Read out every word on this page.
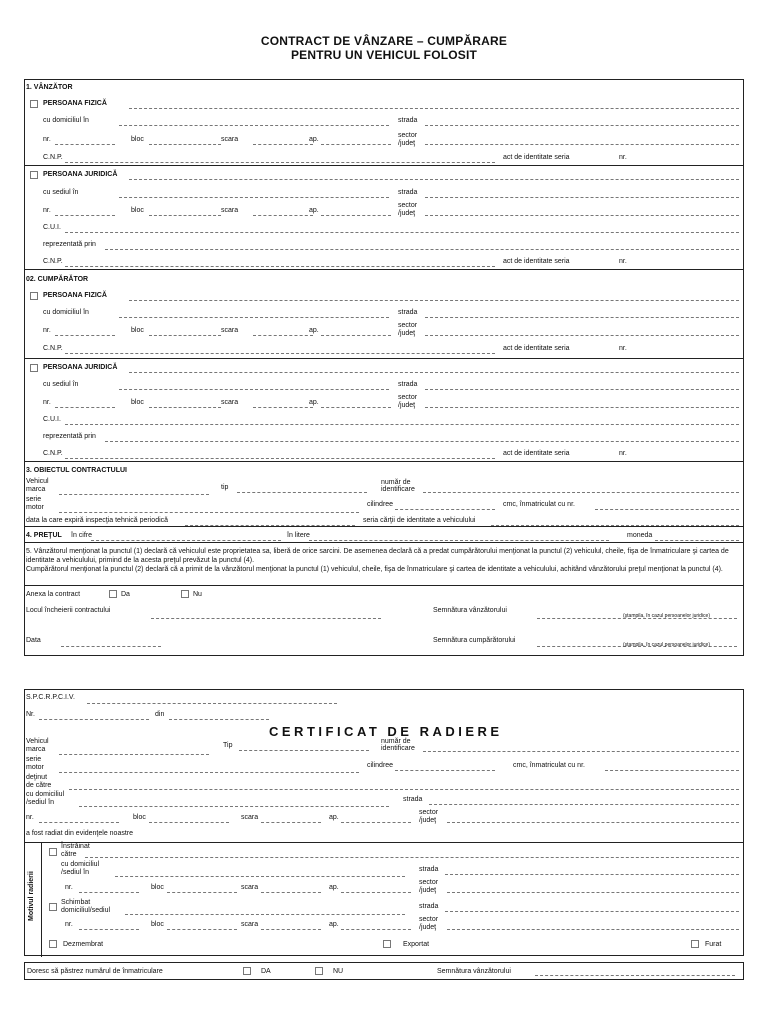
CONTRACT DE VÂNZARE – CUMPĂRARE
PENTRU UN VEHICUL FOLOSIT
1. VÂNZĂTOR
PERSOANA FIZICĂ
cu domiciliul în	strada
nr.	bloc	scara	ap.
sector
/judeţ
C.N.P.	act de identitate seria	nr.
PERSOANA JURIDICĂ
cu sediul în	strada
nr.	bloc	scara	ap.
sector
/judeţ
C.U.I.
reprezentată prin
C.N.P.	act de identitate seria	nr.
02. CUMPĂRĂTOR
PERSOANA FIZICĂ
cu domiciliul în	strada
nr.	bloc	scara	ap.
sector
/judeţ
C.N.P.	act de identitate seria	nr.
PERSOANA JURIDICĂ
cu sediul în	strada
nr.	bloc	scara	ap.
sector
/judeţ
C.U.I.
reprezentată prin
C.N.P.	act de identitate seria	nr.
3. OBIECTUL CONTRACTULUI
Vehicul
marca	tip
număr de
identificare
serie
motor	cilindree	cmc, înmatriculat cu nr.
data la care expiră inspecţia tehnică periodică	seria cărţii de identitate a vehiculului
4. PREŢUL în cifre	în litere	moneda
5. Vânzătorul menţionat la punctul (1) declară că vehiculul este proprietatea sa, liberă de orice sarcini. De asemenea declară că a predat cumpărătorului menţionat la punctul (2) vehiculul, cheile, fişa de înmatriculare şi cartea de identitate a vehiculului, primind de la acesta preţul prevăzut la punctul (4).
Cumpărătorul menţionat la punctul (2) declară că a primit de la vânzătorul menţionat la punctul (1) vehiculul, cheile, fişa de înmatriculare şi cartea de identitate a vehiculului, achitând vânzătorului preţul menţionat la punctul (4).
Anexa la contract	Da	Nu
Locul încheierii contractului	Semnătura vânzătorului
(ştampila, în cazul persoanelor juridice)
Data	Semnătura cumpărătorului
(ştampila, în cazul persoanelor juridice)
S.P.C.R.P.C.I.V.
Nr.	din
CERTIFICAT DE RADIERE
Vehicul
marca
Tip
număr de
identificare
serie
motor	cilindree	cmc, înmatriculat cu nr.
deţinut
de către
cu domiciliul
/sediul în	strada
nr.	bloc	scara	ap.
sector
/judeţ
a fost radiat din evidenţele noastre
Motivul radierii
Înstrăinat
către
cu domiciliul
/sediul în	strada
nr.	bloc	scara	ap.
sector
/judeţ
Schimbat
domiciliul/sediul
strada
nr.	bloc	scara	ap.
sector
/judeţ
Dezmembrat	Exportat	Furat
Doresc să păstrez numărul de înmatriculare	DA	NU	Semnătura vânzătorului
